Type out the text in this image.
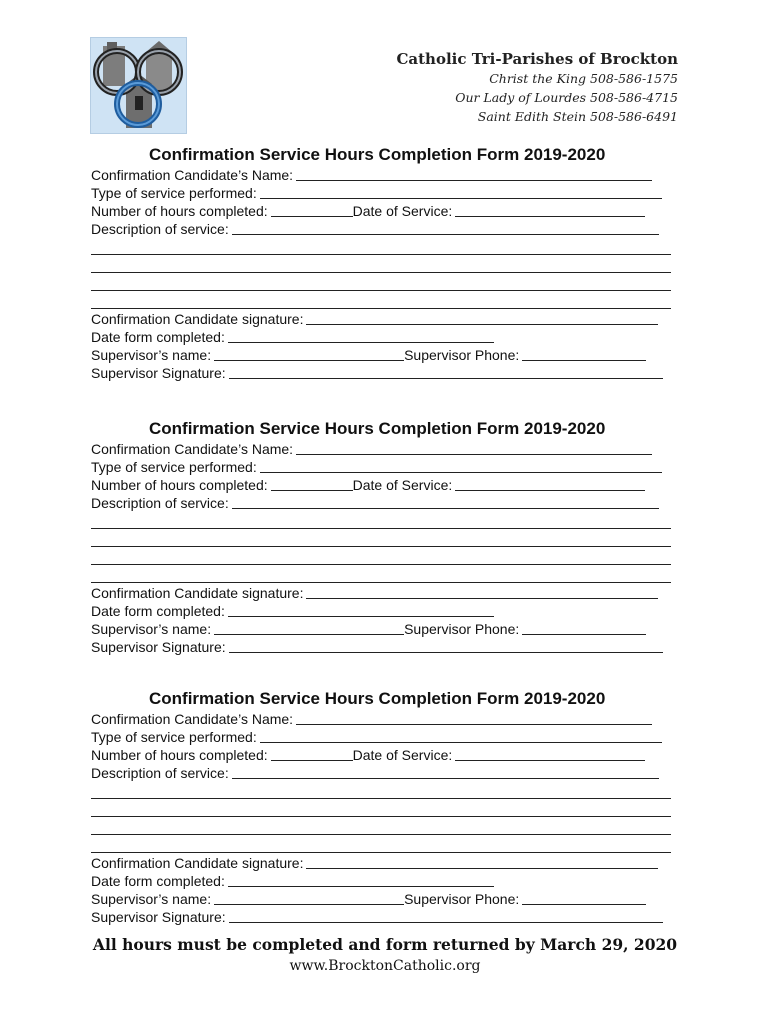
Catholic Tri-Parishes of Brockton
Christ the King 508-586-1575
Our Lady of Lourdes 508-586-4715
Saint Edith Stein 508-586-6491
Confirmation Service Hours Completion Form 2019-2020
Confirmation Candidate’s Name:
Type of service performed:
Number of hours completed:	Date of Service:
Description of service:
Confirmation Candidate signature:
Date form completed:
Supervisor’s name:	Supervisor Phone:
Supervisor Signature:
Confirmation Service Hours Completion Form 2019-2020
Confirmation Candidate’s Name:
Type of service performed:
Number of hours completed:	Date of Service:
Description of service:
Confirmation Candidate signature:
Date form completed:
Supervisor’s name:	Supervisor Phone:
Supervisor Signature:
Confirmation Service Hours Completion Form 2019-2020
Confirmation Candidate’s Name:
Type of service performed:
Number of hours completed:	Date of Service:
Description of service:
Confirmation Candidate signature:
Date form completed:
Supervisor’s name:	Supervisor Phone:
Supervisor Signature:
All hours must be completed and form returned by March 29, 2020
www.BrocktonCatholic.org
